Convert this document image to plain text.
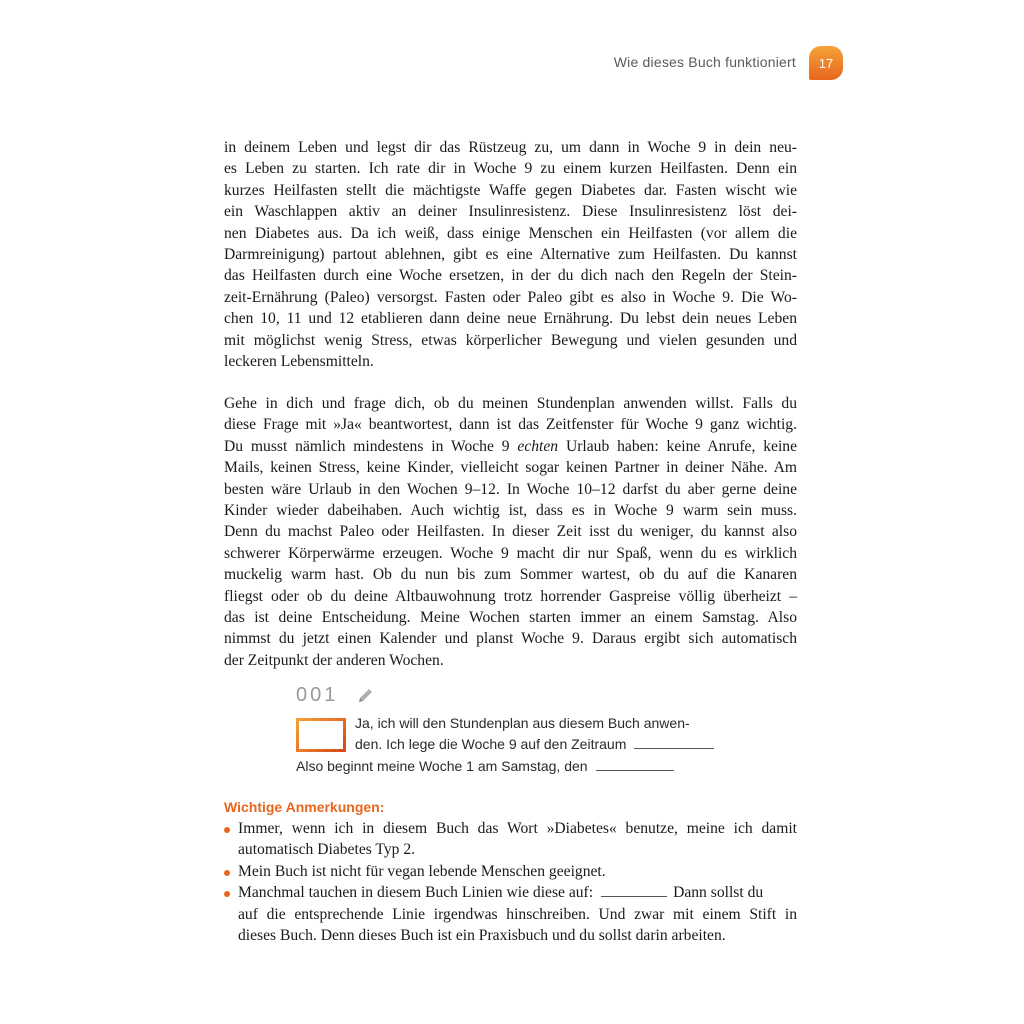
Wie dieses Buch funktioniert 17
in deinem Leben und legst dir das Rüstzeug zu, um dann in Woche 9 in dein neu-
es Leben zu starten. Ich rate dir in Woche 9 zu einem kurzen Heilfasten. Denn ein
kurzes Heilfasten stellt die mächtigste Waffe gegen Diabetes dar. Fasten wischt wie
ein Waschlappen aktiv an deiner Insulinresistenz. Diese Insulinresistenz löst dei-
nen Diabetes aus. Da ich weiß, dass einige Menschen ein Heilfasten (vor allem die
Darmreinigung) partout ablehnen, gibt es eine Alternative zum Heilfasten. Du kannst
das Heilfasten durch eine Woche ersetzen, in der du dich nach den Regeln der Stein-
zeit-Ernährung (Paleo) versorgst. Fasten oder Paleo gibt es also in Woche 9. Die Wo-
chen 10, 11 und 12 etablieren dann deine neue Ernährung. Du lebst dein neues Leben
mit möglichst wenig Stress, etwas körperlicher Bewegung und vielen gesunden und
leckeren Lebensmitteln.
Gehe in dich und frage dich, ob du meinen Stundenplan anwenden willst. Falls du
diese Frage mit »Ja« beantwortest, dann ist das Zeitfenster für Woche 9 ganz wichtig.
Du musst nämlich mindestens in Woche 9 echten Urlaub haben: keine Anrufe, keine
Mails, keinen Stress, keine Kinder, vielleicht sogar keinen Partner in deiner Nähe. Am
besten wäre Urlaub in den Wochen 9–12. In Woche 10–12 darfst du aber gerne deine
Kinder wieder dabeihaben. Auch wichtig ist, dass es in Woche 9 warm sein muss.
Denn du machst Paleo oder Heilfasten. In dieser Zeit isst du weniger, du kannst also
schwerer Körperwärme erzeugen. Woche 9 macht dir nur Spaß, wenn du es wirklich
muckelig warm hast. Ob du nun bis zum Sommer wartest, ob du auf die Kanaren
fliegst oder ob du deine Altbauwohnung trotz horrender Gaspreise völlig überheizt –
das ist deine Entscheidung. Meine Wochen starten immer an einem Samstag. Also
nimmst du jetzt einen Kalender und planst Woche 9. Daraus ergibt sich automatisch
der Zeitpunkt der anderen Wochen.
001
Ja, ich will den Stundenplan aus diesem Buch anwen-
den. Ich lege die Woche 9 auf den Zeitraum
Also beginnt meine Woche 1 am Samstag, den
Wichtige Anmerkungen:
Immer, wenn ich in diesem Buch das Wort »Diabetes« benutze, meine ich damit
automatisch Diabetes Typ 2.
Mein Buch ist nicht für vegan lebende Menschen geeignet.
Manchmal tauchen in diesem Buch Linien wie diese auf:	Dann sollst du
auf die entsprechende Linie irgendwas hinschreiben. Und zwar mit einem Stift in
dieses Buch. Denn dieses Buch ist ein Praxisbuch und du sollst darin arbeiten.
